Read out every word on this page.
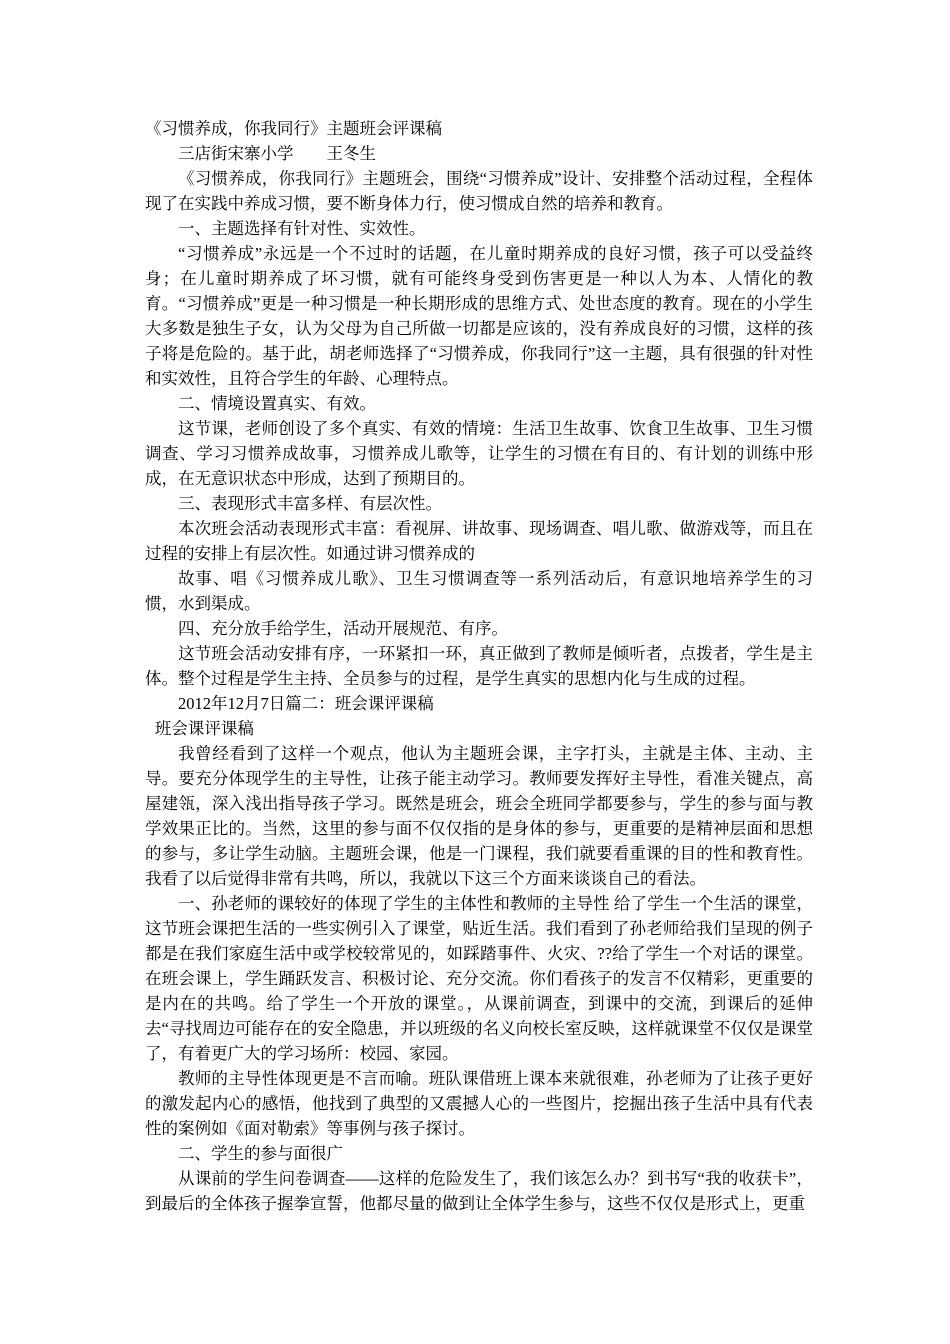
《习惯养成，你我同行》主题班会评课稿

三店街宋寨小学　　王冬生

《习惯养成，你我同行》主题班会，围绕“习惯养成”设计、安排整个活动过程，全程体现了在实践中养成习惯，要不断身体力行，使习惯成自然的培养和教育。

一、主题选择有针对性、实效性。

“习惯养成”永远是一个不过时的话题，在儿童时期养成的良好习惯，孩子可以受益终身；在儿童时期养成了坏习惯，就有可能终身受到伤害更是一种以人为本、人情化的教育。“习惯养成”更是一种习惯是一种长期形成的思维方式、处世态度的教育。现在的小学生大多数是独生子女，认为父母为自己所做一切都是应该的，没有养成良好的习惯，这样的孩子将是危险的。基于此，胡老师选择了“习惯养成，你我同行”这一主题，具有很强的针对性和实效性，且符合学生的年龄、心理特点。

二、情境设置真实、有效。

这节课，老师创设了多个真实、有效的情境：生活卫生故事、饮食卫生故事、卫生习惯调查、学习习惯养成故事，习惯养成儿歌等，让学生的习惯在有目的、有计划的训练中形成，在无意识状态中形成，达到了预期目的。

三、表现形式丰富多样、有层次性。

本次班会活动表现形式丰富：看视屏、讲故事、现场调查、唱儿歌、做游戏等，而且在过程的安排上有层次性。如通过讲习惯养成的

故事、唱《习惯养成儿歌》、卫生习惯调查等一系列活动后，有意识地培养学生的习惯，水到渠成。

四、充分放手给学生，活动开展规范、有序。

这节班会活动安排有序，一环紧扣一环，真正做到了教师是倾听者，点拨者，学生是主体。整个过程是学生主持、全员参与的过程，是学生真实的思想内化与生成的过程。

2012年12月7日篇二：班会课评课稿

班会课评课稿

我曾经看到了这样一个观点，他认为主题班会课，主字打头，主就是主体、主动、主导。要充分体现学生的主导性，让孩子能主动学习。教师要发挥好主导性，看准关键点，高屋建瓴，深入浅出指导孩子学习。既然是班会，班会全班同学都要参与，学生的参与面与教学效果正比的。当然，这里的参与面不仅仅指的是身体的参与，更重要的是精神层面和思想的参与，多让学生动脑。主题班会课，他是一门课程，我们就要看重课的目的性和教育性。我看了以后觉得非常有共鸣，所以，我就以下这三个方面来谈谈自己的看法。

一、孙老师的课较好的体现了学生的主体性和教师的主导性 给了学生一个生活的课堂，这节班会课把生活的一些实例引入了课堂，贴近生活。我们看到了孙老师给我们呈现的例子都是在我们家庭生活中或学校较常见的，如踩踏事件、火灾、??给了学生一个对话的课堂。在班会课上，学生踊跃发言、积极讨论、充分交流。你们看孩子的发言不仅精彩，更重要的是内在的共鸣。给了学生一个开放的课堂。，从课前调查，到课中的交流，到课后的延伸去“寻找周边可能存在的安全隐患，并以班级的名义向校长室反映，这样就课堂不仅仅是课堂了，有着更广大的学习场所：校园、家园。

教师的主导性体现更是不言而喻。班队课借班上课本来就很难，孙老师为了让孩子更好的激发起内心的感悟，他找到了典型的又震撼人心的一些图片，挖掘出孩子生活中具有代表性的案例如《面对勒索》等事例与孩子探讨。

二、学生的参与面很广

从课前的学生问卷调查——这样的危险发生了，我们该怎么办？到书写“我的收获卡”，到最后的全体孩子握拳宣誓，他都尽量的做到让全体学生参与，这些不仅仅是形式上，更重
